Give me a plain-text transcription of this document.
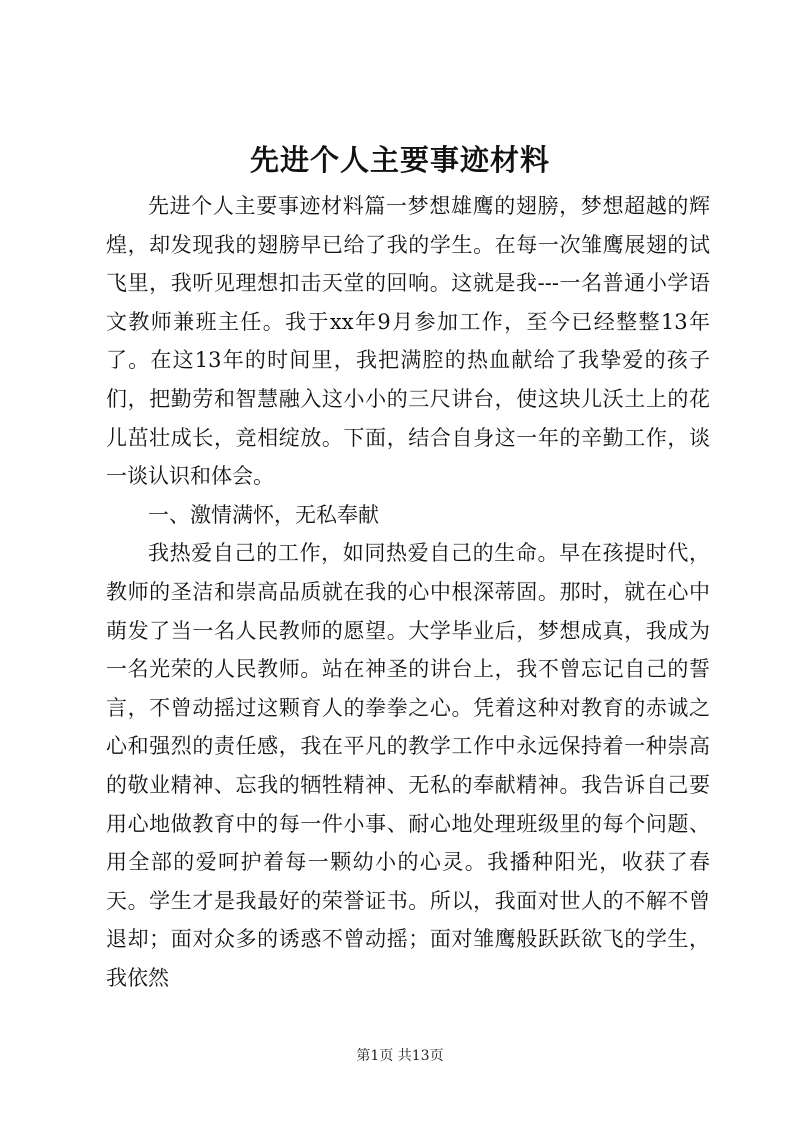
先进个人主要事迹材料

先进个人主要事迹材料篇一梦想雄鹰的翅膀，梦想超越的辉煌，却发现我的翅膀早已给了我的学生。在每一次雏鹰展翅的试飞里，我听见理想扣击天堂的回响。这就是我---一名普通小学语文教师兼班主任。我于xx年9月参加工作，至今已经整整13年了。在这13年的时间里，我把满腔的热血献给了我挚爱的孩子们，把勤劳和智慧融入这小小的三尺讲台，使这块儿沃土上的花儿茁壮成长，竞相绽放。下面，结合自身这一年的辛勤工作，谈一谈认识和体会。

一、激情满怀，无私奉献

我热爱自己的工作，如同热爱自己的生命。早在孩提时代，教师的圣洁和崇高品质就在我的心中根深蒂固。那时，就在心中萌发了当一名人民教师的愿望。大学毕业后，梦想成真，我成为一名光荣的人民教师。站在神圣的讲台上，我不曾忘记自己的誓言，不曾动摇过这颗育人的拳拳之心。凭着这种对教育的赤诚之心和强烈的责任感，我在平凡的教学工作中永远保持着一种崇高的敬业精神、忘我的牺牲精神、无私的奉献精神。我告诉自己要用心地做教育中的每一件小事、耐心地处理班级里的每个问题、用全部的爱呵护着每一颗幼小的心灵。我播种阳光，收获了春天。学生才是我最好的荣誉证书。所以，我面对世人的不解不曾退却；面对众多的诱惑不曾动摇；面对雏鹰般跃跃欲飞的学生，我依然

第1页 共13页
